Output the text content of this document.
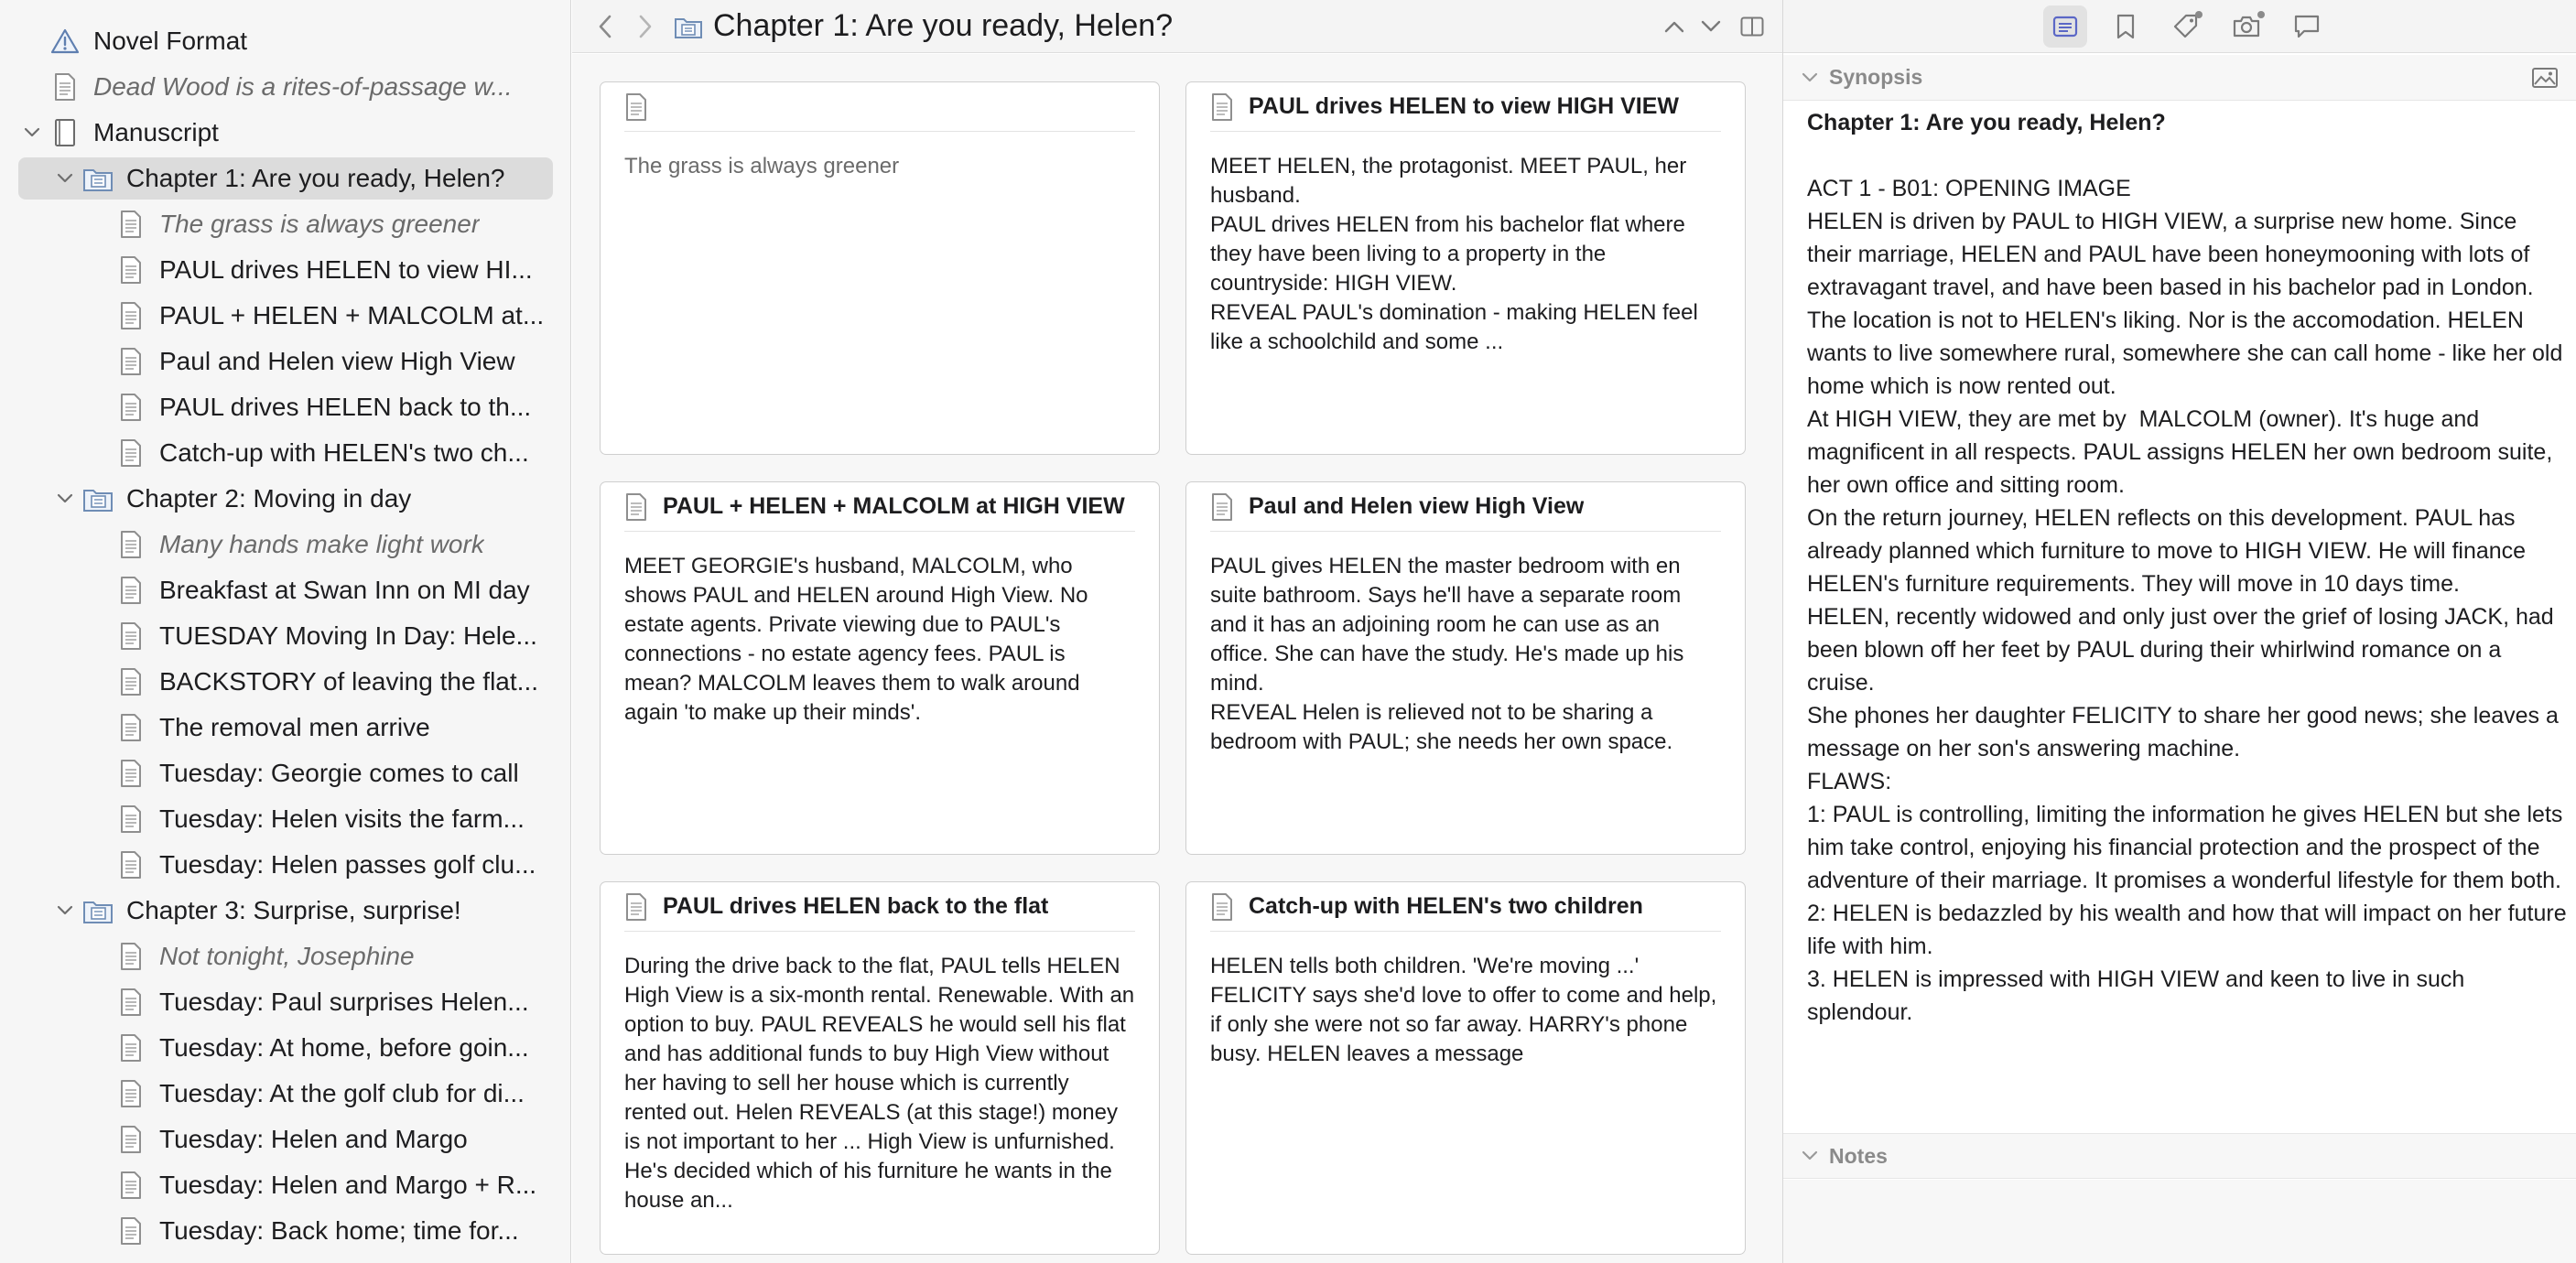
Novel Format
Dead Wood is a rites-of-passage w...
Manuscript
Chapter 1: Are you ready, Helen?
The grass is always greener
PAUL drives HELEN to view HI...
PAUL + HELEN + MALCOLM at...
Paul and Helen view High View
PAUL drives HELEN back to th...
Catch-up with HELEN's two ch...
Chapter 2: Moving in day
Many hands make light work
Breakfast at Swan Inn on MI day
TUESDAY Moving In Day: Hele...
BACKSTORY of leaving the flat...
The removal men arrive
Tuesday: Georgie comes to call
Tuesday: Helen visits the farm...
Tuesday: Helen passes golf clu...
Chapter 3: Surprise, surprise!
Not tonight, Josephine
Tuesday: Paul surprises Helen...
Tuesday: At home, before goin...
Tuesday: At the golf club for di...
Tuesday: Helen and Margo
Tuesday: Helen and Margo + R...
Tuesday: Back home; time for...
Chapter 1: Are you ready, Helen?
The grass is always greener
PAUL drives HELEN to view HIGH VIEW
MEET HELEN, the protagonist. MEET PAUL, her husband.
PAUL drives HELEN from his bachelor flat where they have been living to a property in the countryside: HIGH VIEW.
REVEAL PAUL's domination - making HELEN feel like a schoolchild and some ...
PAUL + HELEN + MALCOLM at HIGH VIEW
MEET GEORGIE's husband, MALCOLM, who shows PAUL and HELEN around High View. No estate agents. Private viewing due to PAUL's connections - no estate agency fees. PAUL is mean? MALCOLM leaves them to walk around again 'to make up their minds'.
Paul and Helen view High View
PAUL gives HELEN the master bedroom with en suite bathroom. Says he'll have a separate room and it has an adjoining room he can use as an office. She can have the study. He's made up his mind.
REVEAL Helen is relieved not to be sharing a bedroom with PAUL; she needs her own space.
PAUL drives HELEN back to the flat
During the drive back to the flat, PAUL tells HELEN High View is a six-month rental. Renewable. With an option to buy. PAUL REVEALS he would sell his flat and has additional funds to buy High View without her having to sell her house which is currently rented out. Helen REVEALS (at this stage!) money is not important to her ... High View is unfurnished. He's decided which of his furniture he wants in the house an...
Catch-up with HELEN's two children
HELEN tells both children. 'We're moving ...' FELICITY says she'd love to offer to come and help, if only she were not so far away. HARRY's phone  busy. HELEN leaves a message
Synopsis
Chapter 1: Are you ready, Helen?
ACT 1 - B01: OPENING IMAGE
HELEN is driven by PAUL to HIGH VIEW, a surprise new home. Since their marriage, HELEN and PAUL have been honeymooning with lots of extravagant travel, and have been based in his bachelor pad in London.
The location is not to HELEN's liking. Nor is the accomodation. HELEN wants to live somewhere rural, somewhere she can call home - like her old home which is now rented out.
At HIGH VIEW, they are met by  MALCOLM (owner). It's huge and magnificent in all respects. PAUL assigns HELEN her own bedroom suite, her own office and sitting room.
On the return journey, HELEN reflects on this development. PAUL has already planned which furniture to move to HIGH VIEW. He will finance HELEN's furniture requirements. They will move in 10 days time.
HELEN, recently widowed and only just over the grief of losing JACK, had been blown off her feet by PAUL during their whirlwind romance on a cruise.
She phones her daughter FELICITY to share her good news; she leaves a message on her son's answering machine.
FLAWS:
1: PAUL is controlling, limiting the information he gives HELEN but she lets him take control, enjoying his financial protection and the prospect of the adventure of their marriage. It promises a wonderful lifestyle for them both.
2: HELEN is bedazzled by his wealth and how that will impact on her future life with him.
3. HELEN is impressed with HIGH VIEW and keen to live in such splendour.
Notes
